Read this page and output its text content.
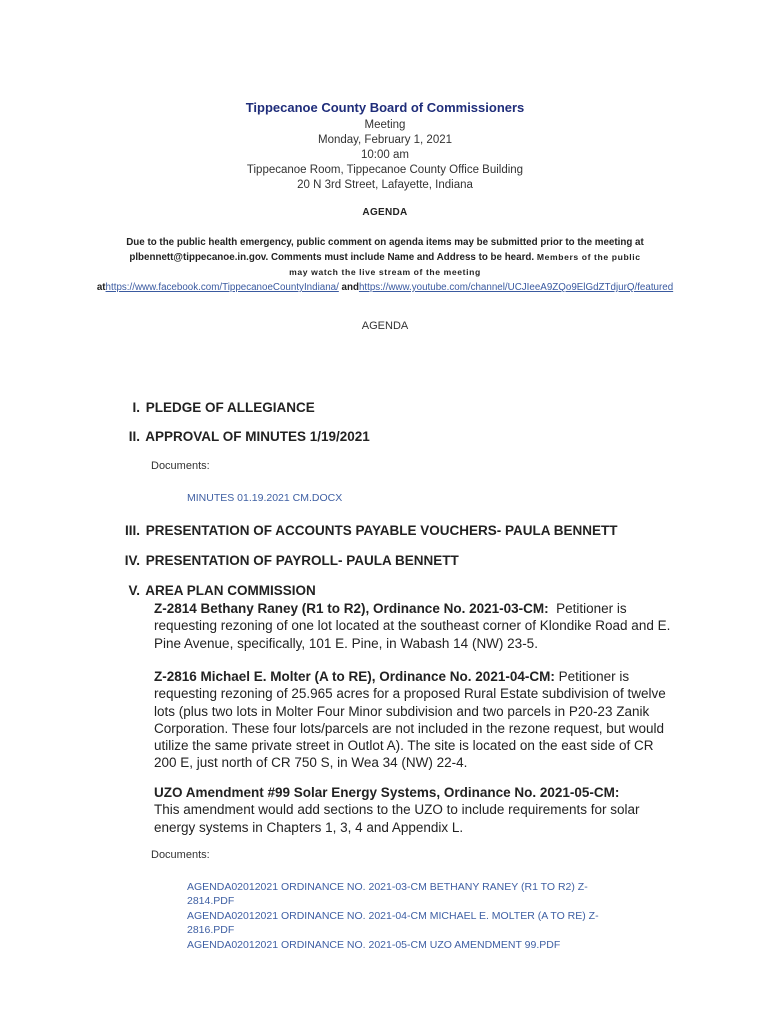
Tippecanoe County Board of Commissioners
Meeting
Monday, February 1, 2021
10:00 am
Tippecanoe Room, Tippecanoe County Office Building
20 N 3rd Street, Lafayette, Indiana
AGENDA
Due to the public health emergency, public comment on agenda items may be submitted prior to the meeting at
plbennett@tippecanoe.in.gov. Comments must include Name and Address to be heard. Members of the public
may watch the live stream of the meeting
athttps://www.facebook.com/TippecanoeCountyIndiana/ andhttps://www.youtube.com/channel/UCJIeeA9ZQo9ElGdZTdjurQ/featured
AGENDA
I. PLEDGE OF ALLEGIANCE
II. APPROVAL OF MINUTES 1/19/2021
Documents:
MINUTES 01.19.2021 CM.DOCX
III. PRESENTATION OF ACCOUNTS PAYABLE VOUCHERS- PAULA BENNETT
IV. PRESENTATION OF PAYROLL- PAULA BENNETT
V. AREA PLAN COMMISSION
Z-2814 Bethany Raney (R1 to R2), Ordinance No. 2021-03-CM: Petitioner is requesting rezoning of one lot located at the southeast corner of Klondike Road and E. Pine Avenue, specifically, 101 E. Pine, in Wabash 14 (NW) 23-5.
Z-2816 Michael E. Molter (A to RE), Ordinance No. 2021-04-CM: Petitioner is requesting rezoning of 25.965 acres for a proposed Rural Estate subdivision of twelve lots (plus two lots in Molter Four Minor subdivision and two parcels in P20-23 Zanik Corporation. These four lots/parcels are not included in the rezone request, but would utilize the same private street in Outlot A). The site is located on the east side of CR 200 E, just north of CR 750 S, in Wea 34 (NW) 22-4.
UZO Amendment #99 Solar Energy Systems, Ordinance No. 2021-05-CM:
This amendment would add sections to the UZO to include requirements for solar energy systems in Chapters 1, 3, 4 and Appendix L.
Documents:
AGENDA02012021 ORDINANCE NO. 2021-03-CM BETHANY RANEY (R1 TO R2) Z-
2814.PDF
AGENDA02012021 ORDINANCE NO. 2021-04-CM MICHAEL E. MOLTER (A TO RE) Z-
2816.PDF
AGENDA02012021 ORDINANCE NO. 2021-05-CM UZO AMENDMENT 99.PDF
